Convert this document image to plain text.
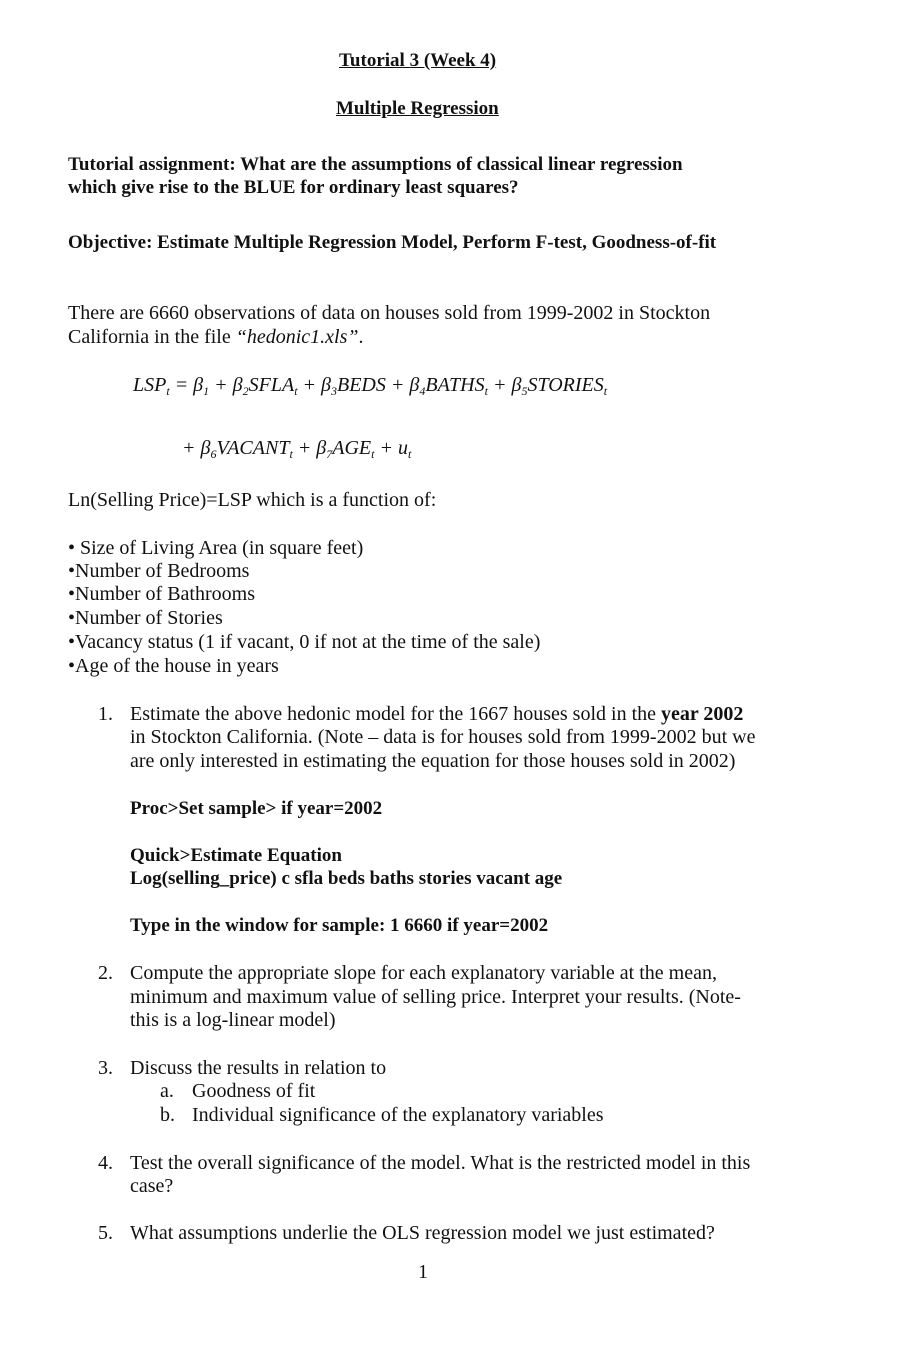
Tutorial 3 (Week 4)
Multiple Regression
Tutorial assignment: What are the assumptions of classical linear regression
which give rise to the BLUE for ordinary least squares?
Objective: Estimate Multiple Regression Model, Perform F-test, Goodness-of-fit
There are 6660 observations of data on houses sold from 1999-2002 in Stockton
California in the file “hedonic1.xls”.
$LSP_t = \beta_1$ + $\beta_2SFLA_t$ + $\beta_3BEDS$ + $\beta_4BATHS_t$ + $\beta_5STORIES_t$
+ $\beta_6VACANT_t + \beta_7AGE_t + u_t$
Ln(Selling Price)=LSP which is a function of:
• Size of Living Area (in square feet)
•Number of Bedrooms
•Number of Bathrooms
•Number of Stories
•Vacancy status (1 if vacant, 0 if not at the time of the sale)
•Age of the house in years
1. Estimate the above hedonic model for the 1667 houses sold in the year 2002
in Stockton California. (Note – data is for houses sold from 1999-2002 but we
are only interested in estimating the equation for those houses sold in 2002)
Proc>Set sample> if year=2002
Quick>Estimate Equation
Log(selling_price) c sfla beds baths stories vacant age
Type in the window for sample: 1 6660 if year=2002
2. Compute the appropriate slope for each explanatory variable at the mean,
minimum and maximum value of selling price. Interpret your results. (Note-
this is a log-linear model)
3. Discuss the results in relation to
a. Goodness of fit
b. Individual significance of the explanatory variables
4. Test the overall significance of the model. What is the restricted model in this
case?
5. What assumptions underlie the OLS regression model we just estimated?
1
